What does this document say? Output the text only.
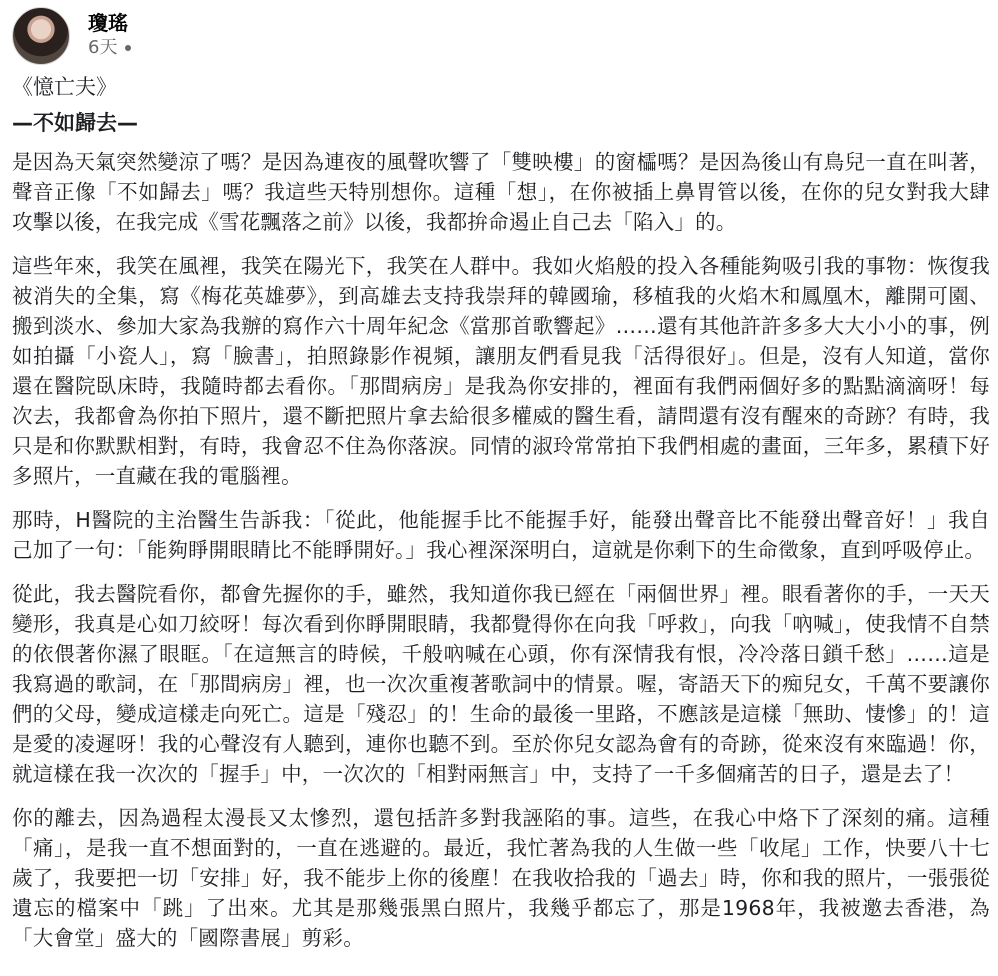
瓊瑤
6天
《憶亡夫》
—不如歸去—

是因為天氣突然變涼了嗎？是因為連夜的風聲吹響了「雙映樓」的窗櫺嗎？是因為後山有鳥兒一直在叫著，聲音正像「不如歸去」嗎？我這些天特別想你。這種「想」，在你被插上鼻胃管以後，在你的兒女對我大肆攻擊以後，在我完成《雪花飄落之前》以後，我都拚命遏止自己去「陷入」的。

這些年來，我笑在風裡，我笑在陽光下，我笑在人群中。我如火焰般的投入各種能夠吸引我的事物：恢復我被消失的全集，寫《梅花英雄夢》，到高雄去支持我崇拜的韓國瑜，移植我的火焰木和鳳凰木，離開可園、搬到淡水、參加大家為我辦的寫作六十周年紀念《當那首歌響起》……還有其他許許多多大大小小的事，例如拍攝「小瓷人」，寫「臉書」，拍照錄影作視頻，讓朋友們看見我「活得很好」。但是，沒有人知道，當你還在醫院臥床時，我隨時都去看你。「那間病房」是我為你安排的，裡面有我們兩個好多的點點滴滴呀！每次去，我都會為你拍下照片，還不斷把照片拿去給很多權威的醫生看，請問還有沒有醒來的奇跡？有時，我只是和你默默相對，有時，我會忍不住為你落淚。同情的淑玲常常拍下我們相處的畫面，三年多，累積下好多照片，一直藏在我的電腦裡。

那時，H醫院的主治醫生告訴我：「從此，他能握手比不能握手好，能發出聲音比不能發出聲音好！」我自己加了一句：「能夠睜開眼睛比不能睜開好。」我心裡深深明白，這就是你剩下的生命徵象，直到呼吸停止。

從此，我去醫院看你，都會先握你的手，雖然，我知道你我已經在「兩個世界」裡。眼看著你的手，一天天變形，我真是心如刀絞呀！每次看到你睜開眼睛，我都覺得你在向我「呼救」，向我「吶喊」，使我情不自禁的依偎著你濕了眼眶。「在這無言的時候，千般吶喊在心頭，你有深情我有恨，冷冷落日鎖千愁」……這是我寫過的歌詞，在「那間病房」裡，也一次次重複著歌詞中的情景。喔，寄語天下的痴兒女，千萬不要讓你們的父母，變成這樣走向死亡。這是「殘忍」的！生命的最後一里路，不應該是這樣「無助、悽慘」的！這是愛的凌遲呀！我的心聲沒有人聽到，連你也聽不到。至於你兒女認為會有的奇跡，從來沒有來臨過！你，就這樣在我一次次的「握手」中，一次次的「相對兩無言」中，支持了一千多個痛苦的日子，還是去了！

你的離去，因為過程太漫長又太慘烈，還包括許多對我誣陷的事。這些，在我心中烙下了深刻的痛。這種「痛」，是我一直不想面對的，一直在逃避的。最近，我忙著為我的人生做一些「收尾」工作，快要八十七歲了，我要把一切「安排」好，我不能步上你的後塵！在我收拾我的「過去」時，你和我的照片，一張張從遺忘的檔案中「跳」了出來。尤其是那幾張黑白照片，我幾乎都忘了，那是1968年，我被邀去香港，為「大會堂」盛大的「國際書展」剪彩。
